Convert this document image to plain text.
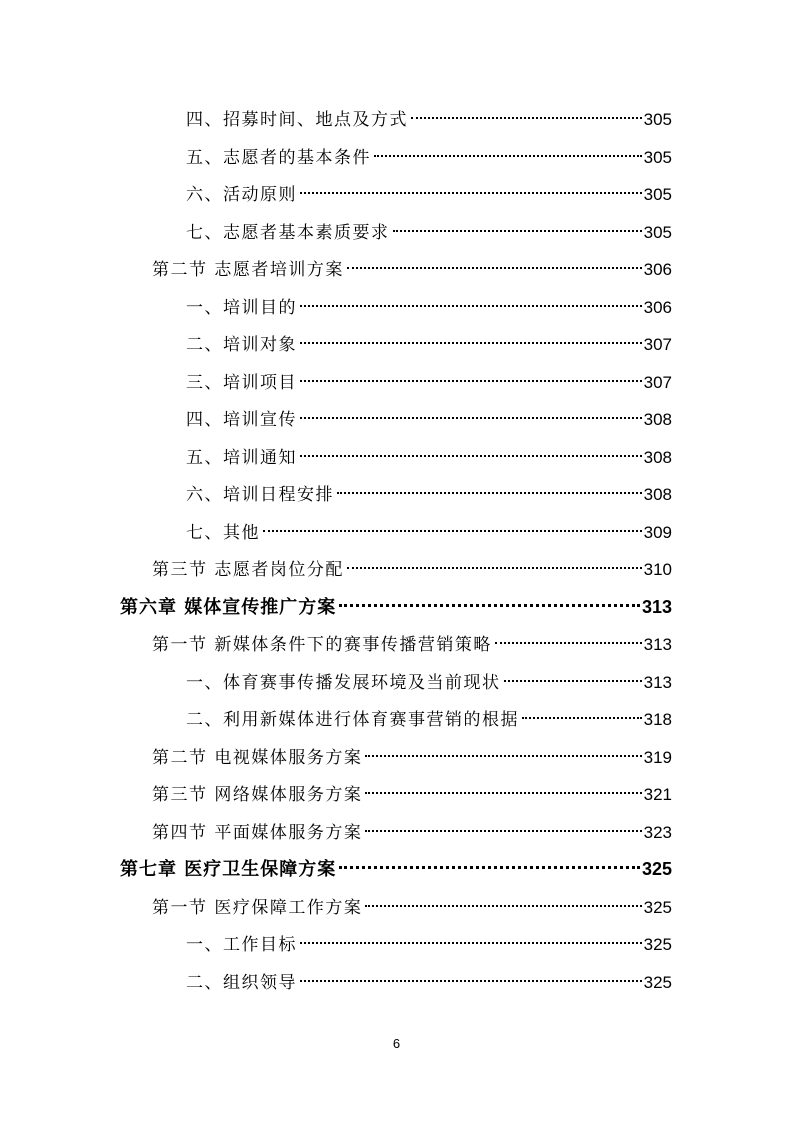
四、招募时间、地点及方式	305
五、志愿者的基本条件	305
六、活动原则	305
七、志愿者基本素质要求	305
第二节 志愿者培训方案	306
一、培训目的	306
二、培训对象	307
三、培训项目	307
四、培训宣传	308
五、培训通知	308
六、培训日程安排	308
七、其他	309
第三节 志愿者岗位分配	310
第六章 媒体宣传推广方案	313
第一节 新媒体条件下的赛事传播营销策略	313
一、体育赛事传播发展环境及当前现状	313
二、利用新媒体进行体育赛事营销的根据	318
第二节 电视媒体服务方案	319
第三节 网络媒体服务方案	321
第四节 平面媒体服务方案	323
第七章 医疗卫生保障方案	325
第一节 医疗保障工作方案	325
一、工作目标	325
二、组织领导	325
6
